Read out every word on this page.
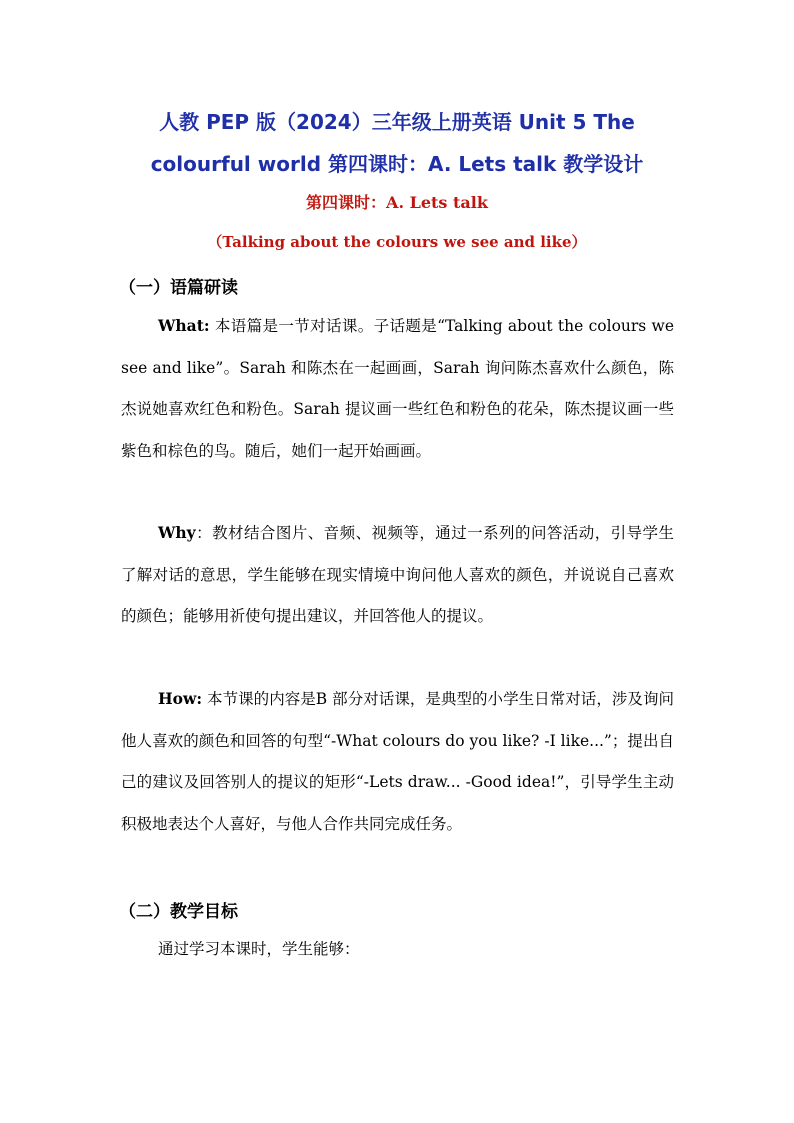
人教 PEP 版（2024）三年级上册英语 Unit 5 The
colourful world 第四课时：A. Lets talk 教学设计
第四课时：A. Lets talk
（Talking about the colours we see and like）
（一）语篇研读
What: 本语篇是一节对话课。子话题是“Talking about the colours we see and like”。Sarah 和陈杰在一起画画，Sarah 询问陈杰喜欢什么颜色，陈杰说她喜欢红色和粉色。Sarah 提议画一些红色和粉色的花朵，陈杰提议画一些紫色和棕色的鸟。随后，她们一起开始画画。
Why：教材结合图片、音频、视频等，通过一系列的问答活动，引导学生了解对话的意思，学生能够在现实情境中询问他人喜欢的颜色，并说说自己喜欢的颜色；能够用祈使句提出建议，并回答他人的提议。
How: 本节课的内容是B 部分对话课，是典型的小学生日常对话，涉及询问他人喜欢的颜色和回答的句型“-What colours do you like? -I like...”；提出自己的建议及回答别人的提议的矩形“-Lets draw... -Good idea!”，引导学生主动积极地表达个人喜好，与他人合作共同完成任务。
（二）教学目标
通过学习本课时，学生能够：
